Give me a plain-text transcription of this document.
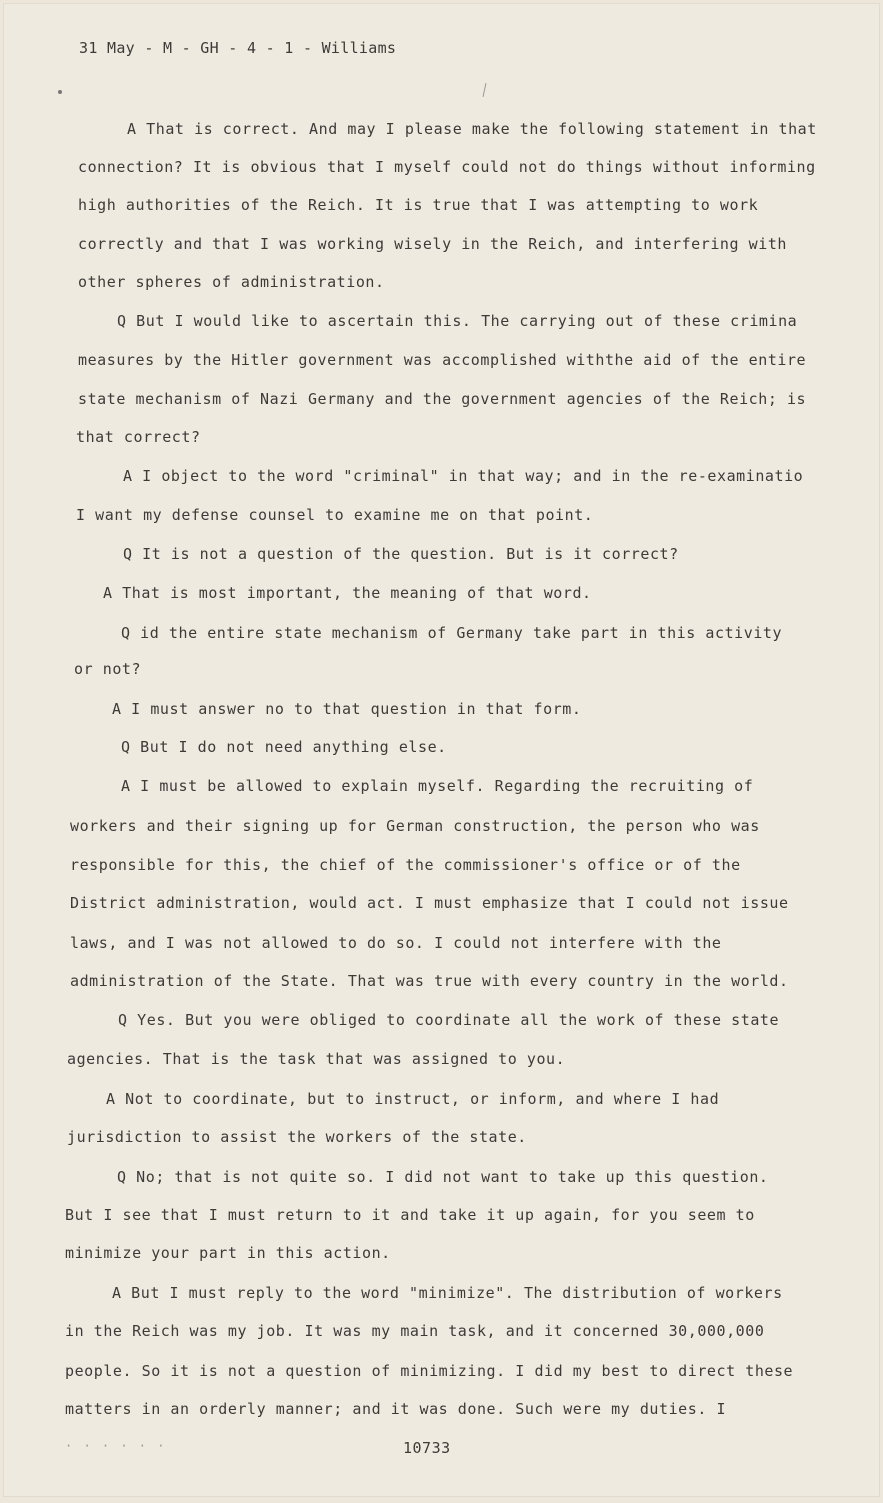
31 May - M - GH - 4 - 1 - Williams
A That is correct. And may I please make the following statement in that
connection? It is obvious that I myself could not do things without informing
high authorities of the Reich. It is true that I was attempting to work
correctly and that I was working wisely in the Reich, and interfering with
other spheres of administration.
Q But I would like to ascertain this. The carrying out of these crimina
measures by the Hitler government was accomplished withthe aid of the entire
state mechanism of Nazi Germany and the government agencies of the Reich; is
that correct?
A I object to the word "criminal" in that way; and in the re-examinatio
I want my defense counsel to examine me on that point.
Q It is not a question of the question. But is it correct?
A That is most important, the meaning of that word.
Q id the entire state mechanism of Germany take part in this activity
or not?
A I must answer no to that question in that form.
Q But I do not need anything else.
A I must be allowed to explain myself. Regarding the recruiting of
workers and their signing up for German construction, the person who was
responsible for this, the chief of the commissioner's office or of the
District administration, would act. I must emphasize that I could not issue
laws, and I was not allowed to do so. I could not interfere with the
administration of the State. That was true with every country in the world.
Q Yes. But you were obliged to coordinate all the work of these state
agencies. That is the task that was assigned to you.
A Not to coordinate, but to instruct, or inform, and where I had
jurisdiction to assist the workers of the state.
Q No; that is not quite so. I did not want to take up this question.
But I see that I must return to it and take it up again, for you seem to
minimize your part in this action.
A But I must reply to the word "minimize". The distribution of workers
in the Reich was my job. It was my main task, and it concerned 30,000,000
people. So it is not a question of minimizing. I did my best to direct these
matters in an orderly manner; and it was done. Such were my duties. I
· · · · · ·	10733
